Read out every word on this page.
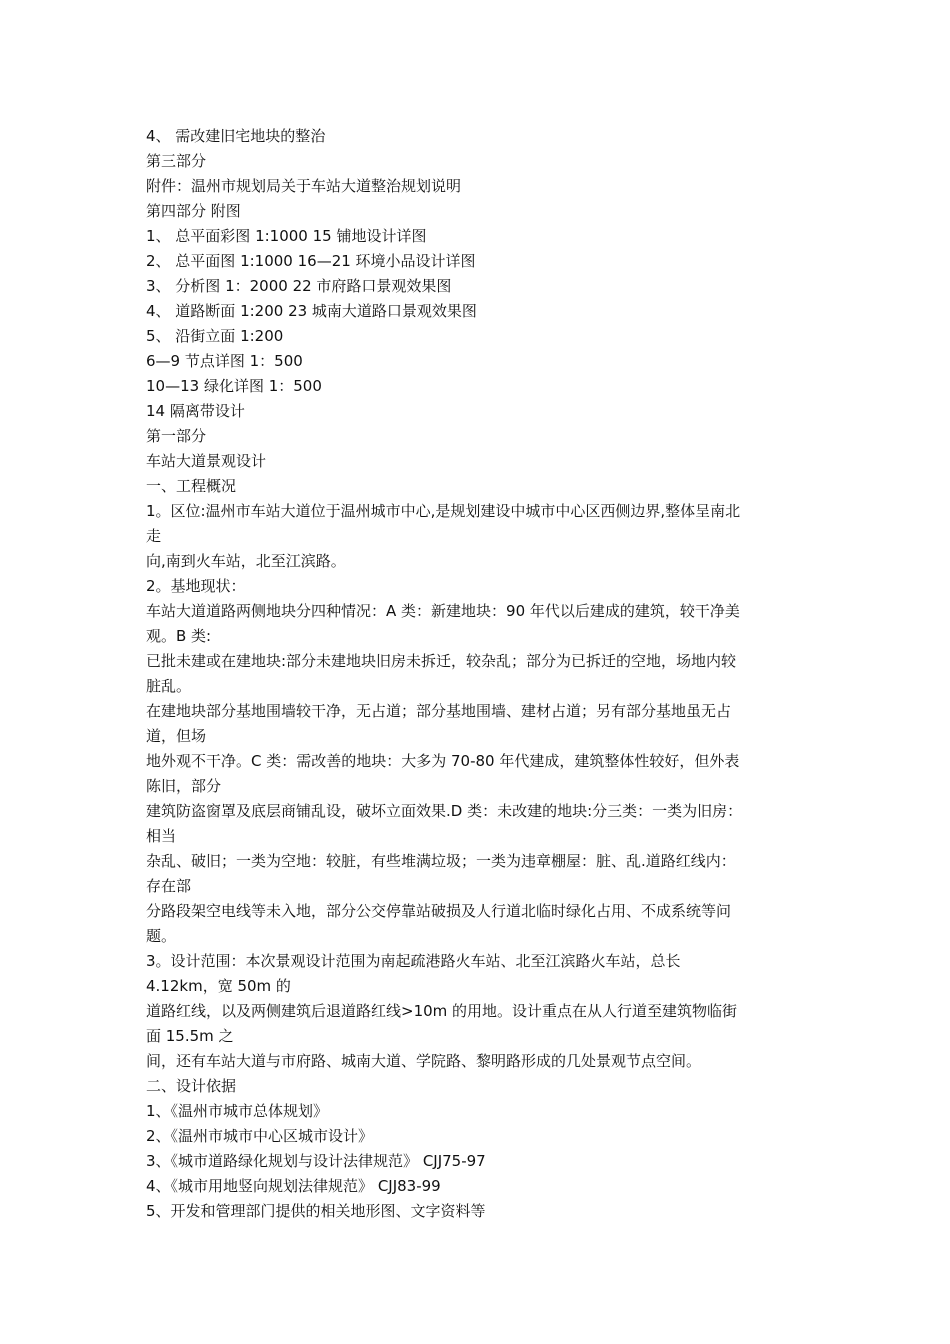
4、 需改建旧宅地块的整治
第三部分
附件：温州市规划局关于车站大道整治规划说明
第四部分 附图
1、 总平面彩图 1:1000 15 铺地设计详图
2、 总平面图 1:1000 16—21 环境小品设计详图
3、 分析图 1：2000 22 市府路口景观效果图
4、 道路断面 1:200 23 城南大道路口景观效果图
5、 沿街立面 1:200
6—9 节点详图 1：500
10—13 绿化详图 1：500
14 隔离带设计
第一部分
车站大道景观设计
一、工程概况
1。区位:温州市车站大道位于温州城市中心,是规划建设中城市中心区西侧边界,整体呈南北
走
向,南到火车站，北至江滨路。
2。基地现状：
车站大道道路两侧地块分四种情况：A 类：新建地块：90 年代以后建成的建筑，较干净美
观。B 类:
已批未建或在建地块:部分未建地块旧房未拆迁，较杂乱；部分为已拆迁的空地，场地内较
脏乱。
在建地块部分基地围墙较干净，无占道；部分基地围墙、建材占道；另有部分基地虽无占
道，但场
地外观不干净。C 类：需改善的地块：大多为 70-80 年代建成，建筑整体性较好，但外表
陈旧，部分
建筑防盗窗罩及底层商铺乱设，破坏立面效果.D 类：未改建的地块:分三类：一类为旧房：
相当
杂乱、破旧；一类为空地：较脏，有些堆满垃圾；一类为违章棚屋：脏、乱.道路红线内：
存在部
分路段架空电线等未入地，部分公交停靠站破损及人行道北临时绿化占用、不成系统等问
题。
3。设计范围：本次景观设计范围为南起疏港路火车站、北至江滨路火车站，总长
4.12km，宽 50m 的
道路红线，以及两侧建筑后退道路红线>10m 的用地。设计重点在从人行道至建筑物临街
面 15.5m 之
间，还有车站大道与市府路、城南大道、学院路、黎明路形成的几处景观节点空间。
二、设计依据
1、《温州市城市总体规划》
2、《温州市城市中心区城市设计》
3、《城市道路绿化规划与设计法律规范》 CJJ75-97
4、《城市用地竖向规划法律规范》 CJJ83-99
5、开发和管理部门提供的相关地形图、文字资料等
